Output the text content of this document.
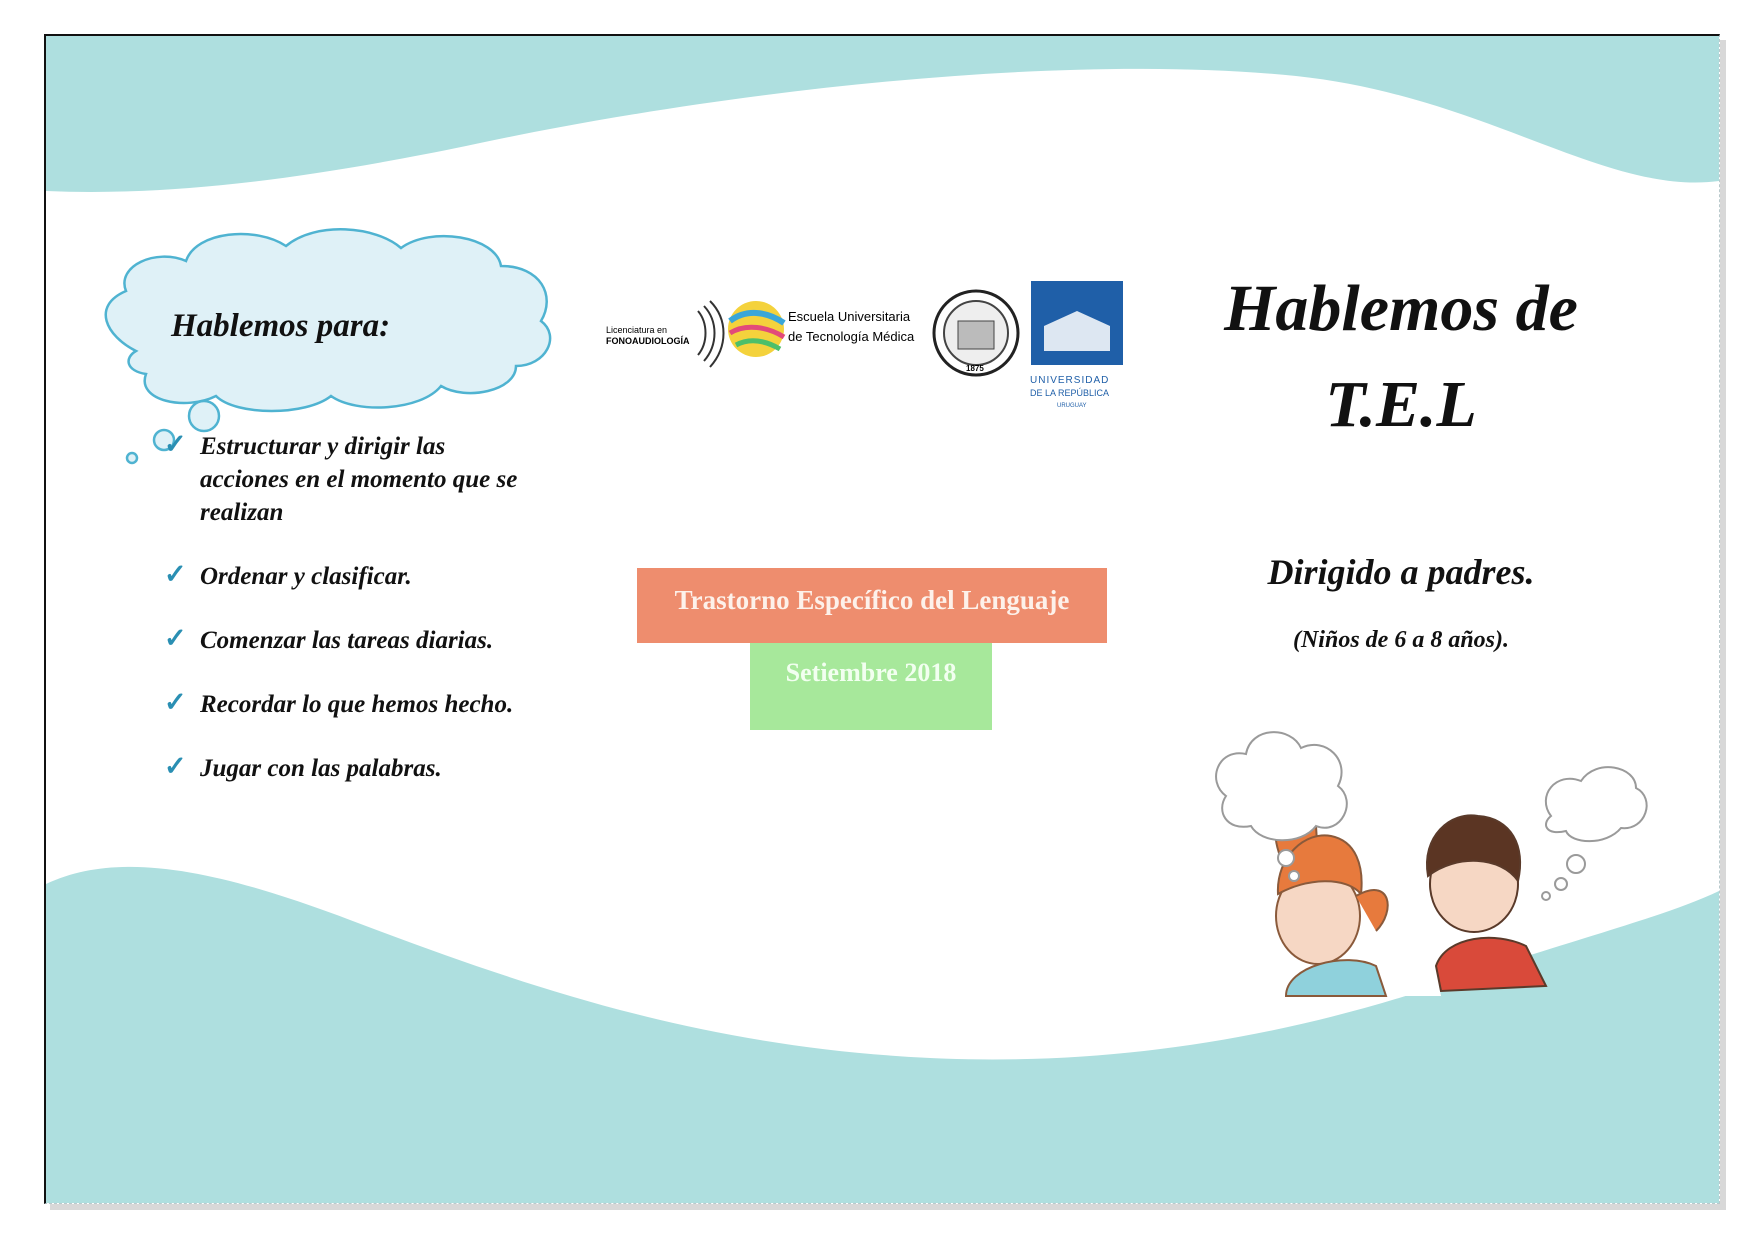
Hablemos para:
✓ Estructurar y dirigir las acciones en el momento que se realizan
✓ Ordenar y clasificar.
✓ Comenzar las tareas diarias.
✓ Recordar lo que hemos hecho.
✓ Jugar con las palabras.
Licenciatura en
FONOAUDIOLOGÍA
Escuela Universitaria
de Tecnología Médica
1875
UNIVERSIDAD
DE LA REPÚBLICA
URUGUAY
Hablemos de
T.E.L
Dirigido a padres.
(Niños de 6 a 8 años).
Trastorno Específico del Lenguaje
Setiembre 2018
